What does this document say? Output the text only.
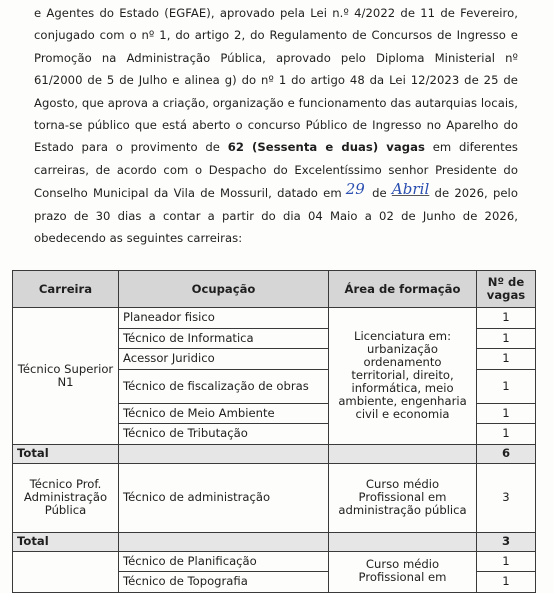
e Agentes do Estado (EGFAE), aprovado pela Lei n.º 4/2022 de 11 de Fevereiro, conjugado com o nº 1, do artigo 2, do Regulamento de Concursos de Ingresso e Promoção na Administração Pública, aprovado pelo Diploma Ministerial nº 61/2000 de 5 de Julho e alinea g) do nº 1 do artigo 48 da Lei 12/2023 de 25 de Agosto, que aprova a criação, organização e funcionamento das autarquias locais, torna-se público que está aberto o concurso Público de Ingresso no Aparelho do Estado para o provimento de 62 (Sessenta e duas) vagas em diferentes carreiras, de acordo com o Despacho do Excelentíssimo senhor Presidente do Conselho Municipal da Vila de Mossuril, datado em 29 de Abril de 2026, pelo prazo de 30 dias a contar a partir do dia 04 Maio a 02 de Junho de 2026, obedecendo as seguintes carreiras:
Carreira	Ocupação	Área de formação	Nº de vagas
Técnico Superior N1	Planeador fisico	Licenciatura em: urbanização ordenamento territorial, direito, informática, meio ambiente, engenharia civil e economia	1
	Técnico de Informatica		1
	Acessor Juridico		1
	Técnico de fiscalização de obras		1
	Técnico de Meio Ambiente		1
	Técnico de Tributação		1
Total			6
Técnico Prof. Administração Pública	Técnico de administração	Curso médio Profissional em administração pública	3
Total			3
	Técnico de Planificação	Curso médio Profissional em	1
	Técnico de Topografia		1
